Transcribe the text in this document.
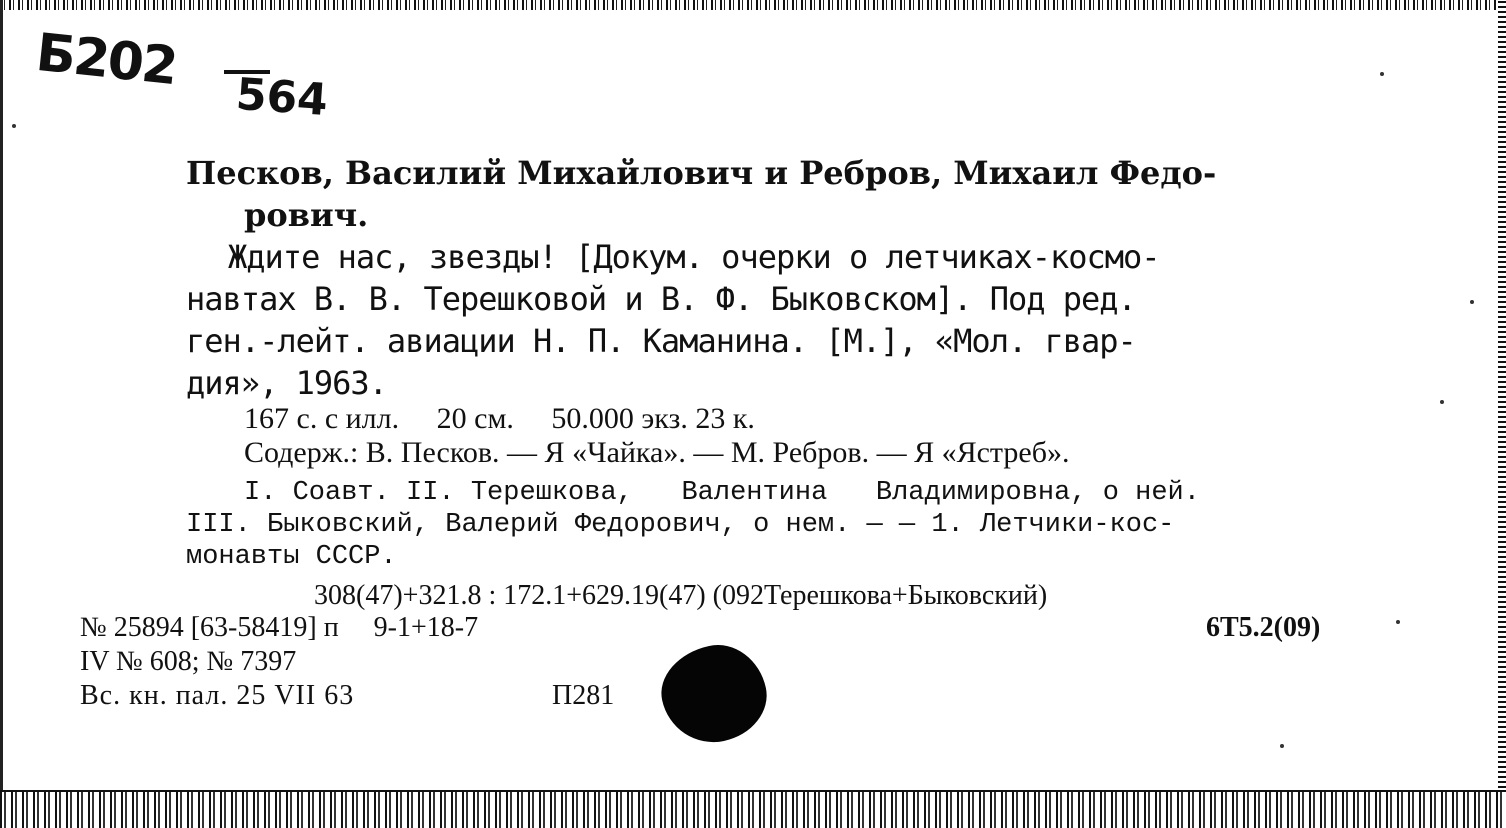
Б202
564
Песков, Василий Михайлович и Ребров, Михаил Федо-
рович.
Ждите нас, звезды! [Докум. очерки о летчиках-космо-
навтах В. В. Терешковой и В. Ф. Быковском]. Под ред.
ген.-лейт. авиации Н. П. Каманина. [М.], «Мол. гвар-
дия», 1963.
167 с. с илл.     20 см.     50.000 экз. 23 к.
Содерж.: В. Песков. — Я «Чайка». — М. Ребров. — Я «Ястреб».
I. Соавт. II. Терешкова,   Валентина   Владимировна, о ней.
III. Быковский, Валерий Федорович, о нем. — — 1. Летчики-кос-
монавты СССР.
308(47)+321.8 : 172.1+629.19(47) (092Терешкова+Быковский)
№ 25894 [63-58419] п     9-1+18-7	6Т5.2(09)
IV № 608; № 7397
Вс. кн. пал. 25 VII 63	П281
